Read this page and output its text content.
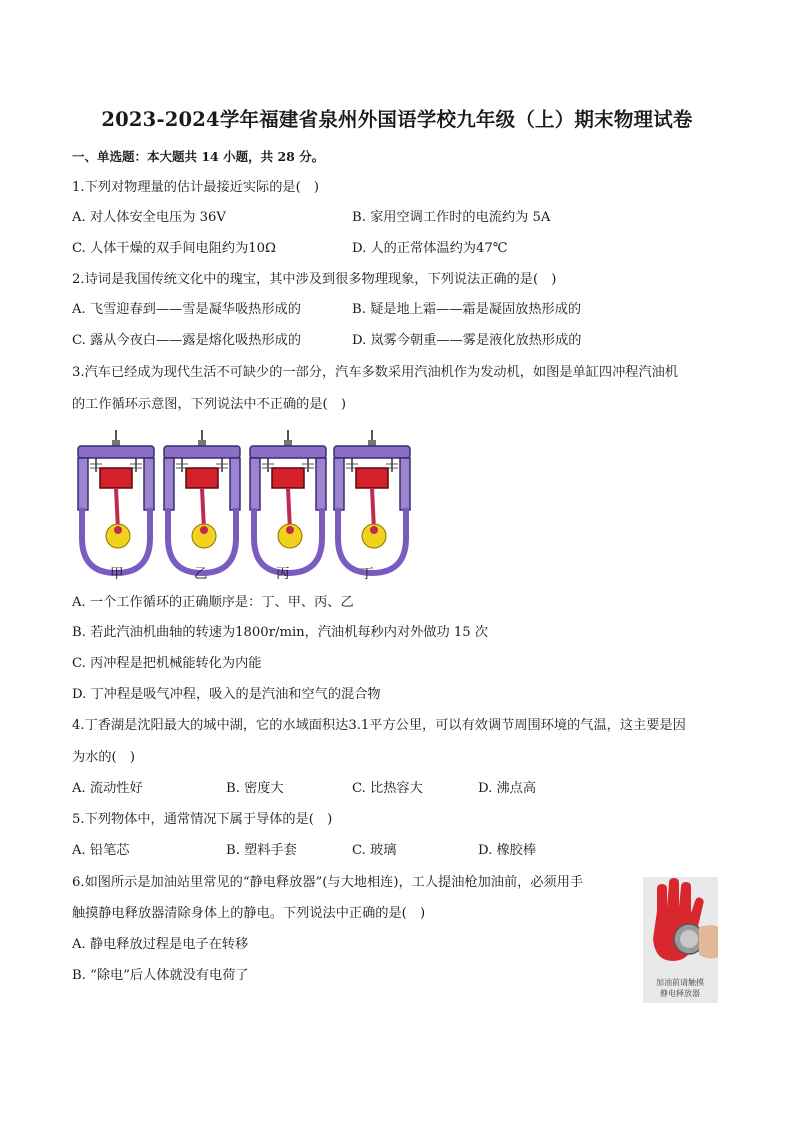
2023-2024学年福建省泉州外国语学校九年级（上）期末物理试卷
一、单选题：本大题共 14 小题，共 28 分。
1.下列对物理量的估计最接近实际的是(　)
A. 对人体安全电压为 36V	B. 家用空调工作时的电流约为 5A
C. 人体干燥的双手间电阻约为10Ω	D. 人的正常体温约为47℃
2.诗词是我国传统文化中的瑰宝，其中涉及到很多物理现象，下列说法正确的是(　)
A. 飞雪迎春到——雪是凝华吸热形成的	B. 疑是地上霜——霜是凝固放热形成的
C. 露从今夜白——露是熔化吸热形成的	D. 岚雾今朝重——雾是液化放热形成的
3.汽车已经成为现代生活不可缺少的一部分，汽车多数采用汽油机作为发动机，如图是单缸四冲程汽油机
的工作循环示意图，下列说法中不正确的是(　)
甲	乙	丙	丁
A. 一个工作循环的正确顺序是：丁、甲、丙、乙
B. 若此汽油机曲轴的转速为1800r/min，汽油机每秒内对外做功 15 次
C. 丙冲程是把机械能转化为内能
D. 丁冲程是吸气冲程，吸入的是汽油和空气的混合物
4.丁香湖是沈阳最大的城中湖，它的水域面积达3.1平方公里，可以有效调节周围环境的气温，这主要是因
为水的(　)
A. 流动性好	B. 密度大	C. 比热容大	D. 沸点高
5.下列物体中，通常情况下属于导体的是(　)
A. 铅笔芯	B. 塑料手套	C. 玻璃	D. 橡胶棒
6.如图所示是加油站里常见的“静电释放器”(与大地相连)，工人提油枪加油前，必须用手
触摸静电释放器清除身体上的静电。下列说法中正确的是(　)
A. 静电释放过程是电子在转移
B. “除电”后人体就没有电荷了	加油前请触摸
静电释放器
